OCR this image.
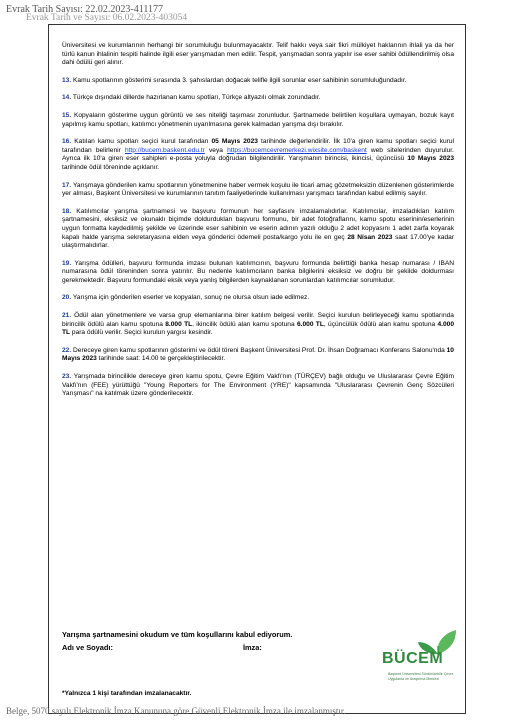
Evrak Tarih Sayısı: 22.02.2023-411177
Evrak Tarih ve Sayısı: 06.02.2023-403054

Üniversitesi ve kurumlarının herhangi bir sorumluluğu bulunmayacaktır. Telif hakkı veya sair fikri mülkiyet haklarının ihlali ya da her türlü kanun ihlalinin tespiti halinde ilgili eser yarışmadan men edilir. Tespit, yarışmadan sonra yapılır ise eser sahibi ödüllendirilmiş olsa dahi ödülü geri alınır.

13. Kamu spotlarının gösterimi sırasında 3. şahıslardan doğacak telifle ilgili sorunlar eser sahibinin sorumluluğundadır.

14. Türkçe dışındaki dillerde hazırlanan kamu spotları, Türkçe altyazılı olmak zorundadır.

15. Kopyaların gösterime uygun görüntü ve ses niteliği taşıması zorunludur. Şartnamede belirtilen koşullara uymayan, bozuk kayıt yapılmış kamu spotları, katılımcı yönetmenin uyarılmasına gerek kalmadan yarışma dışı bırakılır.

16. Katılan kamu spotları seçici kurul tarafından 05 Mayıs 2023 tarihinde değerlendirilir. İlk 10'a giren kamu spotları seçici kurul tarafından belirlenir http://bucem.baskent.edu.tr veya https://bucemcevremerkezi.wixsite.com/baskent web sitelerinden duyurulur. Ayrıca ilk 10'a giren eser sahipleri e-posta yoluyla doğrudan bilgilendirilir. Yarışmanın birincisi, ikincisi, üçüncüsü 10 Mayıs 2023 tarihinde ödül töreninde açıklanır.

17. Yarışmaya gönderilen kamu spotlarının yönetmenine haber vermek koşulu ile ticari amaç gözetmeksizin düzenlenen gösterimlerde yer alması, Başkent Üniversitesi ve kurumlarının tanıtım faaliyetlerinde kullanılması yarışmacı tarafından kabul edilmiş sayılır.

18. Katılımcılar yarışma şartnamesi ve başvuru formunun her sayfasını imzalamalıdırlar. Katılımcılar, imzaladıkları katılım şartnamesini, eksiksiz ve okunaklı biçimde doldurdukları başvuru formunu, bir adet fotoğraflarını, kamu spotu eserinin/eserlerinin uygun formatta kaydedilmiş şekilde ve üzerinde eser sahibinin ve eserin adının yazılı olduğu 2 adet kopyasını 1 adet zarfa koyarak kapalı halde yarışma sekretaryasına elden veya gönderici ödemeli posta/kargo yolu ile en geç 28 Nisan 2023 saat 17.00'ye kadar ulaştırmalıdırlar.

19. Yarışma ödülleri, başvuru formunda imzası bulunan katılımcının, başvuru formunda belirttiği banka hesap numarası / IBAN numarasına ödül töreninden sonra yatırılır. Bu nedenle katılımcıların banka bilgilerini eksiksiz ve doğru bir şekilde doldurması gerekmektedir. Başvuru formundaki eksik veya yanlış bilgilerden kaynaklanan sorunlardan katılımcılar sorumludur.

20. Yarışma için gönderilen eserler ve kopyaları, sonuç ne olursa olsun iade edilmez.

21. Ödül alan yönetmenlere ve varsa grup elemanlarına birer katılım belgesi verilir. Seçici kurulun belirleyeceği kamu spotlarında birincilik ödülü alan kamu spotuna 8.000 TL, ikincilik ödülü alan kamu spotuna 6.000 TL, üçüncülük ödülü alan kamu spotuna 4.000 TL para ödülü verilir. Seçici kurulun yargısı kesindir.

22. Dereceye giren kamu spotlarının gösterimi ve ödül töreni Başkent Üniversitesi Prof. Dr. İhsan Doğramacı Konferans Salonu'nda 10 Mayıs 2023 tarihinde saat: 14.00 te gerçekleştirilecektir.

23. Yarışmada birincilikle dereceye giren kamu spotu, Çevre Eğitim Vakfı'nın (TÜRÇEV) bağlı olduğu ve Uluslararası Çevre Eğitim Vakfı'nın (FEE) yürüttüğü "Young Reporters for The Environment (YRE)" kapsamında "Uluslararası Çevrenin Genç Sözcüleri Yarışması" na katılmak üzere gönderilecektir.

Yarışma şartnamesini okudum ve tüm koşullarını kabul ediyorum.
Adı ve Soyadı:	İmza:
BÜCEM
Başkent Üniversitesi Sürdürülebilir Çevre Uygulama ve Araştırma Merkezi
*Yalnızca 1 kişi tarafından imzalanacaktır.
Belge, 5070 sayılı Elektronik İmza Kanununa göre Güvenli Elektronik İmza ile imzalanmıştır.
